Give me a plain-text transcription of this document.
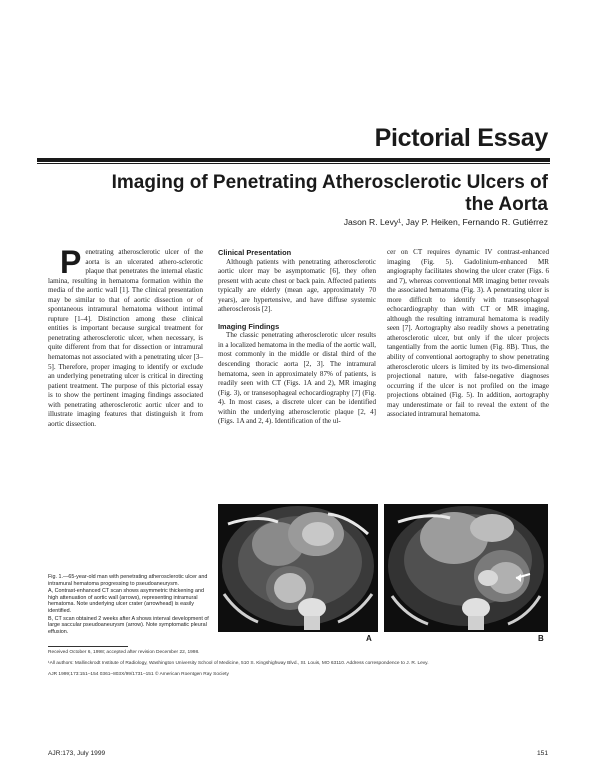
Pictorial Essay
Imaging of Penetrating Atherosclerotic Ulcers of the Aorta
Jason R. Levy¹, Jay P. Heiken, Fernando R. Gutiérrez
P enetrating atherosclerotic ulcer of the aorta is an ulcerated athero-sclerotic plaque that penetrates the internal elastic lamina, resulting in hematoma formation within the media of the aortic wall [1]. The clinical presentation may be similar to that of aortic dissection or of spontaneous intramural hematoma without intimal rupture [1–4]. Distinction among these clinical entities is important because surgical treatment for penetrating atherosclerotic ulcer, when necessary, is quite different from that for dissection or intramural hematomas not associated with a penetrating ulcer [3–5]. Therefore, proper imaging to identify or exclude an underlying penetrating ulcer is critical in directing patient treatment. The purpose of this pictorial essay is to show the pertinent imaging findings associated with penetrating atherosclerotic aortic ulcer and to illustrate imaging features that distinguish it from aortic dissection.

Clinical Presentation

Although patients with penetrating atherosclerotic aortic ulcer may be asymptomatic [6], they often present with acute chest or back pain. Affected patients typically are elderly (mean age, approximately 70 years), are hypertensive, and have diffuse systemic atherosclerosis [2].

Imaging Findings

The classic penetrating atherosclerotic ulcer results in a localized hematoma in the media of the aortic wall, most commonly in the middle or distal third of the descending thoracic aorta [2, 3]. The intramural hematoma, seen in approximately 87% of patients, is readily seen with CT (Figs. 1A and 2), MR imaging (Fig. 3), or transesophageal echocardiography [7] (Fig. 4). In most cases, a discrete ulcer can be identified within the underlying atherosclerotic plaque [2, 4] (Figs. 1A and 2, 4). Identification of the ul-

cer on CT requires dynamic IV contrast-enhanced imaging (Fig. 5). Gadolinium-enhanced MR angiography facilitates showing the ulcer crater (Figs. 6 and 7), whereas conventional MR imaging better reveals the associated hematoma (Fig. 3). A penetrating ulcer is more difficult to identify with transesophageal echocardiography than with CT or MR imaging, although the resulting intramural hematoma is readily seen [7]. Aortography also readily shows a penetrating atherosclerotic ulcer, but only if the ulcer projects tangentially from the aortic lumen (Fig. 8B). Thus, the ability of conventional aortography to show penetrating atherosclerotic ulcers is limited by its two-dimensional projectional nature, with false-negative diagnoses occurring if the ulcer is not profiled on the image projections obtained (Fig. 5). In addition, aortography may underestimate or fail to reveal the extent of the associated intramural hematoma.

A	B

Fig. 1.—65-year-old man with penetrating atherosclerotic ulcer and intramural hematoma progressing to pseudoaneurysm.

A, Contrast-enhanced CT scan shows asymmetric thickening and high attenuation of aortic wall (arrows), representing intramural hematoma. Note underlying ulcer crater (arrowhead) is easily identified.

B, CT scan obtained 2 weeks after A shows interval development of large saccular pseudoaneurysm (arrow). Note symptomatic pleural effusion.

Received October 6, 1998; accepted after revision December 22, 1998.
¹All authors: Mallinckrodt Institute of Radiology, Washington University School of Medicine, 510 S. Kingshighway Blvd., St. Louis, MO 63110. Address correspondence to J. R. Levy.
AJR 1999;173:151–154 0361–803X/99/1731–151 © American Roentgen Ray Society
AJR:173, July 1999	151
